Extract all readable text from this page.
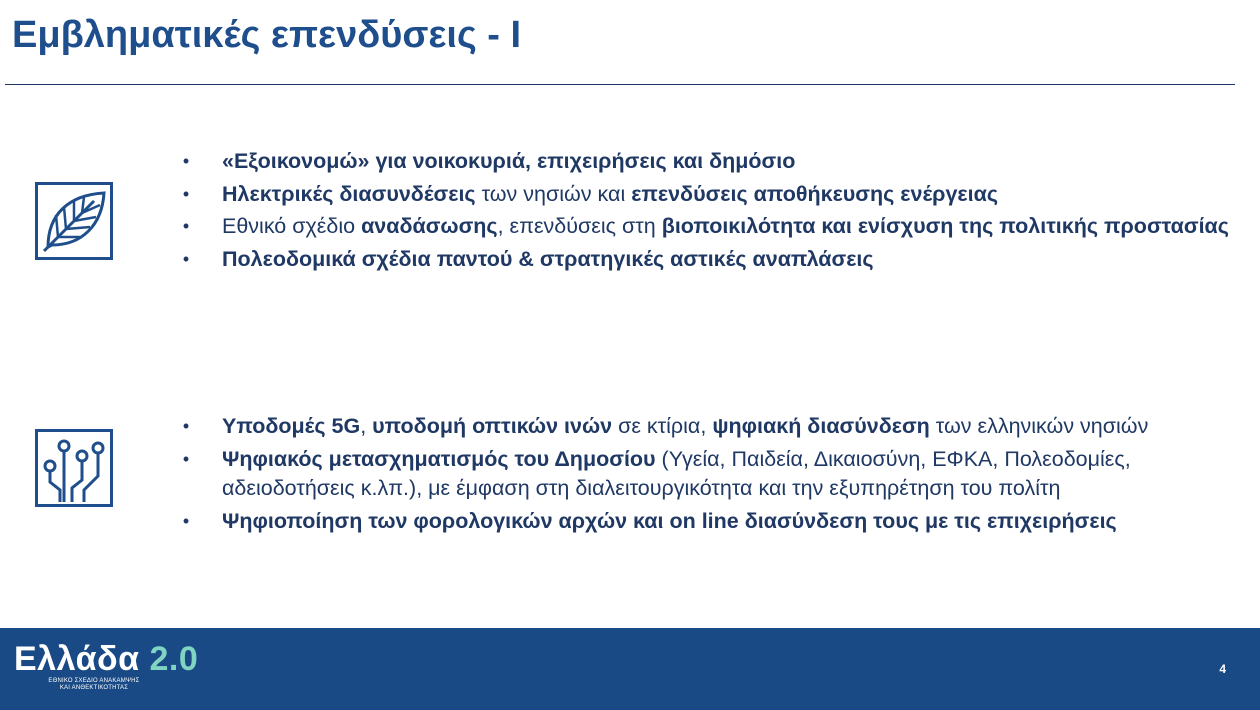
Εμβληματικές επενδύσεις - Ι
•	«Εξοικονομώ» για νοικοκυριά, επιχειρήσεις και δημόσιο
•	Ηλεκτρικές διασυνδέσεις των νησιών και επενδύσεις αποθήκευσης ενέργειας
•	Εθνικό σχέδιο αναδάσωσης, επενδύσεις στη βιοποικιλότητα και ενίσχυση της πολιτικής προστασίας
•	Πολεοδομικά σχέδια παντού & στρατηγικές αστικές αναπλάσεις
•	Υποδομές 5G, υποδομή οπτικών ινών σε κτίρια, ψηφιακή διασύνδεση των ελληνικών νησιών
•	Ψηφιακός μετασχηματισμός του Δημοσίου (Υγεία, Παιδεία, Δικαιοσύνη, ΕΦΚΑ, Πολεοδομίες, αδειοδοτήσεις κ.λπ.), με έμφαση στη διαλειτουργικότητα και την εξυπηρέτηση του πολίτη
•	Ψηφιοποίηση των φορολογικών αρχών και on line διασύνδεση τους με τις επιχειρήσεις
Ελλάδα 2.0
ΕΘΝΙΚΟ ΣΧΕΔΙΟ ΑΝΑΚΑΜΨΗΣ
ΚΑΙ ΑΝΘΕΚΤΙΚΟΤΗΤΑΣ
4
